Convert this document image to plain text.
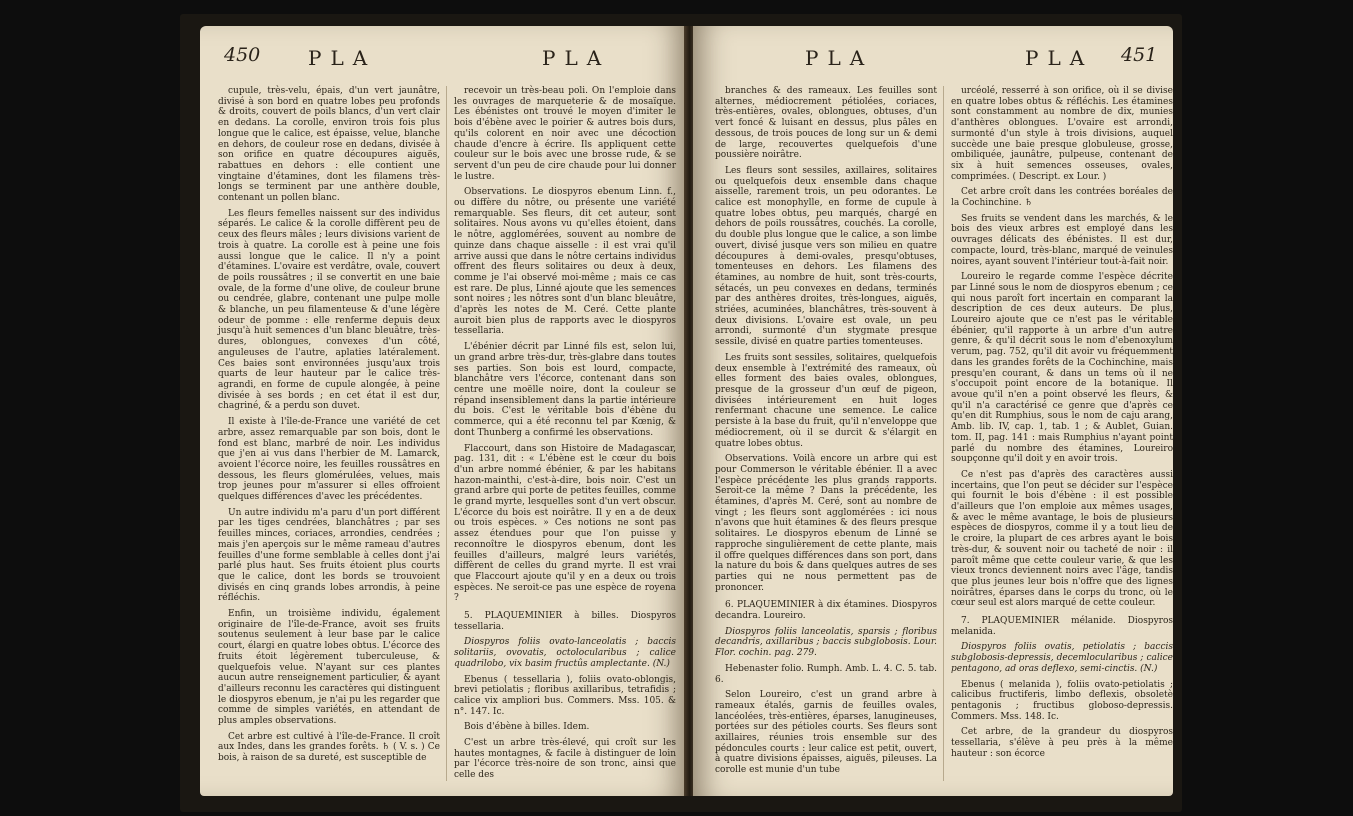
450 PLA	PLA

cupule, très-velu, épais, d'un vert jaunâtre, divisé à son bord en quatre lobes peu profonds & droits, couvert de poils blancs, d'un vert clair en dedans. La corolle, environ trois fois plus longue que le calice, est épaisse, velue, blanche en dehors, de couleur rose en dedans, divisée à son orifice en quatre découpures aiguës, rabattues en dehors : elle contient une vingtaine d'étamines, dont les filamens très-longs se terminent par une anthère double, contenant un pollen blanc.

Les fleurs femelles naissent sur des individus séparés. Le calice & la corolle diffèrent peu de ceux des fleurs mâles ; leurs divisions varient de trois à quatre. La corolle est à peine une fois aussi longue que le calice. Il n'y a point d'étamines. L'ovaire est verdâtre, ovale, couvert de poils roussâtres ; il se convertit en une baie ovale, de la forme d'une olive, de couleur brune ou cendrée, glabre, contenant une pulpe molle & blanche, un peu filamenteuse & d'une légère odeur de pomme : elle renferme depuis deux jusqu'à huit semences d'un blanc bleuâtre, très-dures, oblongues, convexes d'un côté, anguleuses de l'autre, aplaties latéralement. Ces baies sont environnées jusqu'aux trois quarts de leur hauteur par le calice très-agrandi, en forme de cupule alongée, à peine divisée à ses bords ; en cet état il est dur, chagriné, & a perdu son duvet.

Il existe à l'île-de-France une variété de cet arbre, assez remarquable par son bois, dont le fond est blanc, marbré de noir. Les individus que j'en ai vus dans l'herbier de M. Lamarck, avoient l'écorce noire, les feuilles roussâtres en dessous, les fleurs glomérulées, velues, mais trop jeunes pour m'assurer si elles offroient quelques différences d'avec les précédentes.

Un autre individu m'a paru d'un port différent par les tiges cendrées, blanchâtres ; par ses feuilles minces, coriaces, arrondies, cendrées ; mais j'en aperçois sur le même rameau d'autres feuilles d'une forme semblable à celles dont j'ai parlé plus haut. Ses fruits étoient plus courts que le calice, dont les bords se trouvoient divisés en cinq grands lobes arrondis, à peine réfléchis.

Enfin, un troisième individu, également originaire de l'île-de-France, avoit ses fruits soutenus seulement à leur base par le calice court, élargi en quatre lobes obtus. L'écorce des fruits étoit légèrement tuberculeuse, & quelquefois velue. N'ayant sur ces plantes aucun autre renseignement particulier, & ayant d'ailleurs reconnu les caractères qui distinguent le diospyros ebenum, je n'ai pu les regarder que comme de simples variétés, en attendant de plus amples observations.

Cet arbre est cultivé à l'île-de-France. Il croît aux Indes, dans les grandes forêts. ♄ ( V. s. ) Ce bois, à raison de sa dureté, est susceptible de

recevoir un très-beau poli. On l'emploie dans les ouvrages de marqueterie & de mosaïque. Les ébénistes ont trouvé le moyen d'imiter le bois d'ébène avec le poirier & autres bois durs, qu'ils colorent en noir avec une décoction chaude d'encre à écrire. Ils appliquent cette couleur sur le bois avec une brosse rude, & se servent d'un peu de cire chaude pour lui donner le lustre.

Observations. Le diospyros ebenum Linn. f., ou diffère du nôtre, ou présente une variété remarquable. Ses fleurs, dit cet auteur, sont solitaires. Nous avons vu qu'elles étoient, dans le nôtre, agglomérées, souvent au nombre de quinze dans chaque aisselle : il est vrai qu'il arrive aussi que dans le nôtre certains individus offrent des fleurs solitaires ou deux à deux, comme je l'ai observé moi-même ; mais ce cas est rare. De plus, Linné ajoute que les semences sont noires ; les nôtres sont d'un blanc bleuâtre, d'après les notes de M. Ceré. Cette plante auroit bien plus de rapports avec le diospyros tessellaria.

L'ébénier décrit par Linné fils est, selon lui, un grand arbre très-dur, très-glabre dans toutes ses parties. Son bois est lourd, compacte, blanchâtre vers l'écorce, contenant dans son centre une moëlle noire, dont la couleur se répand insensiblement dans la partie intérieure du bois. C'est le véritable bois d'ébène du commerce, qui a été reconnu tel par Kœnig, & dont Thunberg a confirmé les observations.

Flaccourt, dans son Histoire de Madagascar, pag. 131, dit : « L'ébène est le cœur du bois d'un arbre nommé ébénier, & par les habitans hazon-mainthi, c'est-à-dire, bois noir. C'est un grand arbre qui porte de petites feuilles, comme le grand myrte, lesquelles sont d'un vert obscur. L'écorce du bois est noirâtre. Il y en a de deux ou trois espèces. » Ces notions ne sont pas assez étendues pour que l'on puisse y reconnoître le diospyros ebenum, dont les feuilles d'ailleurs, malgré leurs variétés, diffèrent de celles du grand myrte. Il est vrai que Flaccourt ajoute qu'il y en a deux ou trois espèces. Ne seroit-ce pas une espèce de royena ?

5. PLAQUEMINIER à billes. Diospyros tessellaria.

Diospyros foliis ovato-lanceolatis ; baccis solitariis, ovovatis, octolocularibus ; calice quadrilobo, vix basim fructûs amplectante. (N.)

Ebenus ( tessellaria ), foliis ovato-oblongis, brevi petiolatis ; floribus axillaribus, tetrafidis ; calice vix ampliori bus. Commers. Mss. 105. & n°. 147. Ic.

Bois d'ébène à billes. Idem.

C'est un arbre très-élevé, qui croît sur les hautes montagnes, & facile à distinguer de loin par l'écorce très-noire de son tronc, ainsi que celle des

PLA	PLA 451

branches & des rameaux. Les feuilles sont alternes, médiocrement pétiolées, coriaces, très-entières, ovales, oblongues, obtuses, d'un vert foncé & luisant en dessus, plus pâles en dessous, de trois pouces de long sur un & demi de large, recouvertes quelquefois d'une poussière noirâtre.

Les fleurs sont sessiles, axillaires, solitaires ou quelquefois deux ensemble dans chaque aisselle, rarement trois, un peu odorantes. Le calice est monophylle, en forme de cupule à quatre lobes obtus, peu marqués, chargé en dehors de poils roussâtres, couchés. La corolle, du double plus longue que le calice, a son limbe ouvert, divisé jusque vers son milieu en quatre découpures à demi-ovales, presqu'obtuses, tomenteuses en dehors. Les filamens des étamines, au nombre de huit, sont très-courts, sétacés, un peu convexes en dedans, terminés par des anthères droites, très-longues, aiguës, striées, acuminées, blanchâtres, très-souvent à deux divisions. L'ovaire est ovale, un peu arrondi, surmonté d'un stygmate presque sessile, divisé en quatre parties tomenteuses.

Les fruits sont sessiles, solitaires, quelquefois deux ensemble à l'extrémité des rameaux, où elles forment des baies ovales, oblongues, presque de la grosseur d'un œuf de pigeon, divisées intérieurement en huit loges renfermant chacune une semence. Le calice persiste à la base du fruit, qu'il n'enveloppe que médiocrement, où il se durcit & s'élargit en quatre lobes obtus.

Observations. Voilà encore un arbre qui est pour Commerson le véritable ébénier. Il a avec l'espèce précédente les plus grands rapports. Seroit-ce la même ? Dans la précédente, les étamines, d'après M. Ceré, sont au nombre de vingt ; les fleurs sont agglomérées : ici nous n'avons que huit étamines & des fleurs presque solitaires. Le diospyros ebenum de Linné se rapproche singulièrement de cette plante, mais il offre quelques différences dans son port, dans la nature du bois & dans quelques autres de ses parties qui ne nous permettent pas de prononcer.

6. PLAQUEMINIER à dix étamines. Diospyros decandra. Loureiro.

Diospyros foliis lanceolatis, sparsis ; floribus decandris, axillaribus ; baccis subglobosis. Lour. Flor. cochin. pag. 279.

Hebenaster folio. Rumph. Amb. L. 4. C. 5. tab. 6.

Selon Loureiro, c'est un grand arbre à rameaux étalés, garnis de feuilles ovales, lancéolées, très-entières, éparses, lanugineuses, portées sur des pétioles courts. Ses fleurs sont axillaires, réunies trois ensemble sur des pédoncules courts : leur calice est petit, ouvert, à quatre divisions épaisses, aiguës, pileuses. La corolle est munie d'un tube

urcéolé, resserré à son orifice, où il se divise en quatre lobes obtus & réfléchis. Les étamines sont constamment au nombre de dix, munies d'anthères oblongues. L'ovaire est arrondi, surmonté d'un style à trois divisions, auquel succède une baie presque globuleuse, grosse, ombiliquée, jaunâtre, pulpeuse, contenant de six à huit semences osseuses, ovales, comprimées. ( Descript. ex Lour. )

Cet arbre croît dans les contrées boréales de la Cochinchine. ♄

Ses fruits se vendent dans les marchés, & le bois des vieux arbres est employé dans les ouvrages délicats des ébénistes. Il est dur, compacte, lourd, très-blanc, marqué de veinules noires, ayant souvent l'intérieur tout-à-fait noir.

Loureiro le regarde comme l'espèce décrite par Linné sous le nom de diospyros ebenum ; ce qui nous paroît fort incertain en comparant la description de ces deux auteurs. De plus, Loureiro ajoute que ce n'est pas le véritable ébénier, qu'il rapporte à un arbre d'un autre genre, & qu'il décrit sous le nom d'ebenoxylum verum, pag. 752, qu'il dit avoir vu fréquemment dans les grandes forêts de la Cochinchine, mais presqu'en courant, & dans un tems où il ne s'occupoit point encore de la botanique. Il avoue qu'il n'en a point observé les fleurs, & qu'il n'a caractérisé ce genre que d'après ce qu'en dit Rumphius, sous le nom de caju arang, Amb. lib. IV, cap. 1, tab. 1 ; & Aublet, Guian. tom. II, pag. 141 : mais Rumphius n'ayant point parlé du nombre des étamines, Loureiro soupçonne qu'il doit y en avoir trois.

Ce n'est pas d'après des caractères aussi incertains, que l'on peut se décider sur l'espèce qui fournit le bois d'ébène : il est possible d'ailleurs que l'on emploie aux mêmes usages, & avec le même avantage, le bois de plusieurs espèces de diospyros, comme il y a tout lieu de le croire, la plupart de ces arbres ayant le bois très-dur, & souvent noir ou tacheté de noir : il paroît même que cette couleur varie, & que les vieux troncs deviennent noirs avec l'âge, tandis que plus jeunes leur bois n'offre que des lignes noirâtres, éparses dans le corps du tronc, où le cœur seul est alors marqué de cette couleur.

7. PLAQUEMINIER mélanide. Diospyros melanida.

Diospyros foliis ovatis, petiolatis ; baccis subglobosis-depressis, decemlocularibus ; calice pentagono, ad oras deflexo, semi-cinctis. (N.)

Ebenus ( melanida ), foliis ovato-petiolatis ; calicibus fructiferis, limbo deflexis, obsoletè pentagonis ; fructibus globoso-depressis. Commers. Mss. 148. Ic.

Cet arbre, de la grandeur du diospyros tessellaria, s'élève à peu près à la même hauteur : son écorce
